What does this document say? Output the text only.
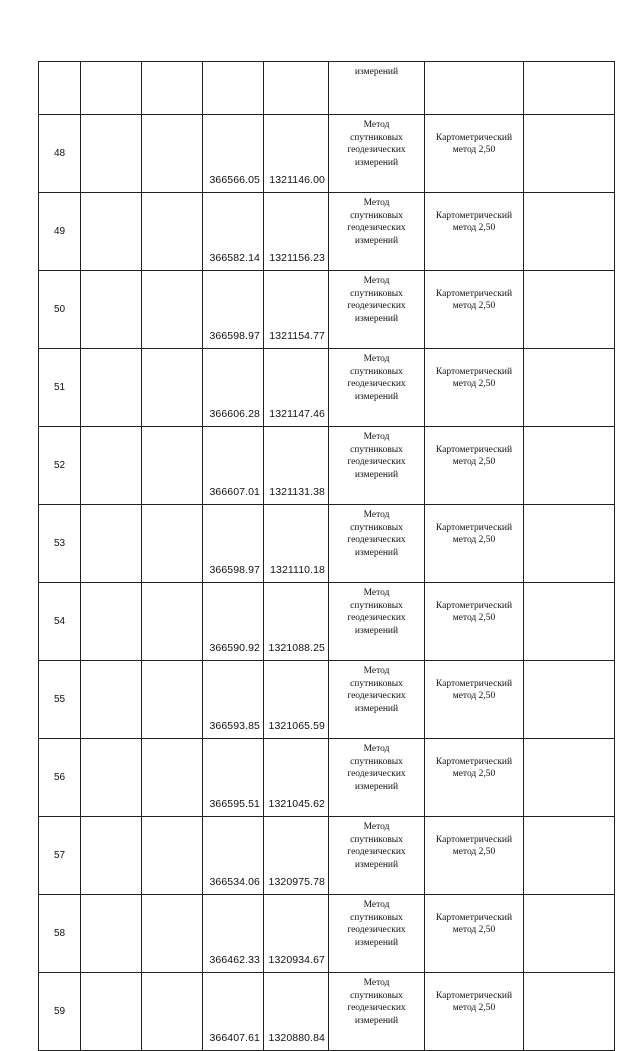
					измерений		

48			366566.05	1321146.00	Метод
спутниковых
геодезических
измерений	Картометрический
метод 2,50	

49			366582.14	1321156.23	Метод
спутниковых
геодезических
измерений	Картометрический
метод 2,50	

50			366598.97	1321154.77	Метод
спутниковых
геодезических
измерений	Картометрический
метод 2,50	

51			366606.28	1321147.46	Метод
спутниковых
геодезических
измерений	Картометрический
метод 2,50	

52			366607.01	1321131.38	Метод
спутниковых
геодезических
измерений	Картометрический
метод 2,50	

53			366598.97	1321110.18	Метод
спутниковых
геодезических
измерений	Картометрический
метод 2,50	

54			366590.92	1321088.25	Метод
спутниковых
геодезических
измерений	Картометрический
метод 2,50	

55			366593.85	1321065.59	Метод
спутниковых
геодезических
измерений	Картометрический
метод 2,50	

56			366595.51	1321045.62	Метод
спутниковых
геодезических
измерений	Картометрический
метод 2,50	

57			366534.06	1320975.78	Метод
спутниковых
геодезических
измерений	Картометрический
метод 2,50	

58			366462.33	1320934.67	Метод
спутниковых
геодезических
измерений	Картометрический
метод 2,50	

59			366407.61	1320880.84	Метод
спутниковых
геодезических
измерений	Картометрический
метод 2,50	
